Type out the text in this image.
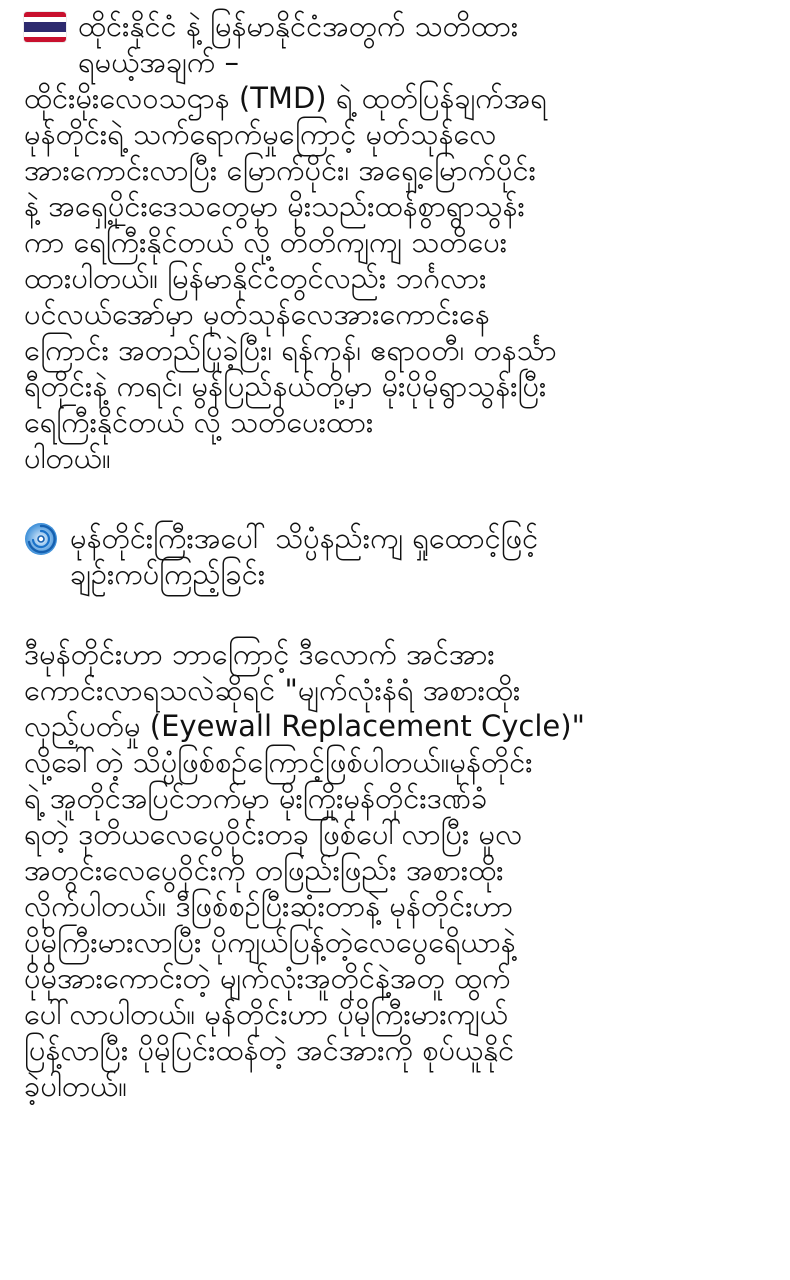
ထိုင်းနိုင်ငံ နဲ့ မြန်မာနိုင်ငံအတွက် သတိထား
ရမယ့်အချက် –

ထိုင်းမိုးလေဝသဌာန (TMD) ရဲ့ ထုတ်ပြန်ချက်အရ
မုန်တိုင်းရဲ့ သက်ရောက်မှုကြောင့် မုတ်သုန်လေ
အားကောင်းလာပြီး မြောက်ပိုင်း၊ အရှေ့မြောက်ပိုင်း
နဲ့ အရှေ့ပိုင်းဒေသတွေမှာ မိုးသည်းထန်စွာရွာသွန်း
ကာ ရေကြီးနိုင်တယ် လို့ တိတိကျကျ သတိပေး
ထားပါတယ်။ မြန်မာနိုင်ငံတွင်လည်း ဘင်္ဂလား
ပင်လယ်အော်မှာ မုတ်သုန်လေအားကောင်းနေ
ကြောင်း အတည်ပြုခဲ့ပြီး၊ ရန်ကုန်၊ ဧရာဝတီ၊ တနင်္သာ
ရီတိုင်းနဲ့ ကရင်၊ မွန်ပြည်နယ်တို့မှာ မိုးပိုမိုရွာသွန်းပြီး
ရေကြီးနိုင်တယ် လို့ သတိပေးထား
ပါတယ်။

မုန်တိုင်းကြီးအပေါ် သိပ္ပံနည်းကျ ရှုထောင့်ဖြင့်
ချဉ်းကပ်ကြည့်ခြင်း

ဒီမုန်တိုင်းဟာ ဘာကြောင့် ဒီလောက် အင်အား
ကောင်းလာရသလဲဆိုရင် "မျက်လုံးနံရံ အစားထိုး
လှည့်ပတ်မှု (Eyewall Replacement Cycle)"
လို့ခေါ်တဲ့ သိပ္ပံဖြစ်စဉ်ကြောင့်ဖြစ်ပါတယ်။မုန်တိုင်း
ရဲ့ အူတိုင်အပြင်ဘက်မှာ မိုးကြိုးမုန်တိုင်းဒဏ်ခံ
ရတဲ့ ဒုတိယလေပွေဝိုင်းတခု ဖြစ်ပေါ်လာပြီး မူလ
အတွင်းလေပွေဝိုင်းကို တဖြည်းဖြည်း အစားထိုး
လိုက်ပါတယ်။ ဒီဖြစ်စဉ်ပြီးဆုံးတာနဲ့ မုန်တိုင်းဟာ
ပိုမိုကြီးမားလာပြီး ပိုကျယ်ပြန့်တဲ့လေပွေရေိယာနဲ့
ပိုမိုအားကောင်းတဲ့ မျက်လုံးအူတိုင်နဲ့အတူ ထွက်
ပေါ်လာပါတယ်။ မုန်တိုင်းဟာ ပိုမိုကြီးမားကျယ်
ပြန့်လာပြီး ပိုမိုပြင်းထန်တဲ့ အင်အားကို စုပ်ယူနိုင်
ခဲ့ပါတယ်။
